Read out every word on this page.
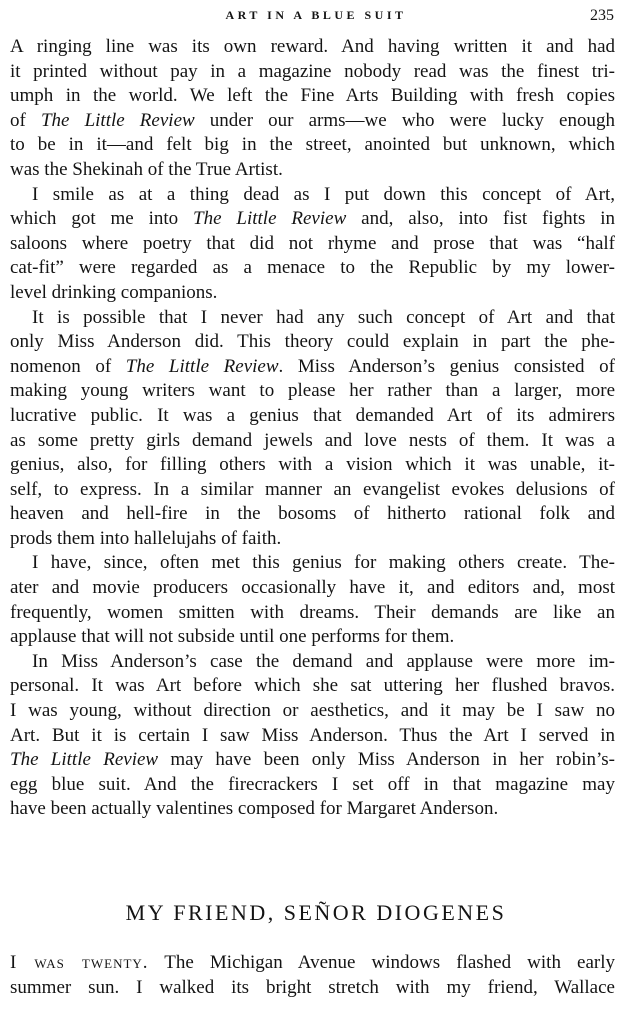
ART IN A BLUE SUIT	235
A ringing line was its own reward. And having written it and had
it printed without pay in a magazine nobody read was the finest tri-
umph in the world. We left the Fine Arts Building with fresh copies
of The Little Review under our arms—we who were lucky enough
to be in it—and felt big in the street, anointed but unknown, which
was the Shekinah of the True Artist.
I smile as at a thing dead as I put down this concept of Art,
which got me into The Little Review and, also, into fist fights in
saloons where poetry that did not rhyme and prose that was “half
cat-fit” were regarded as a menace to the Republic by my lower-
level drinking companions.
It is possible that I never had any such concept of Art and that
only Miss Anderson did. This theory could explain in part the phe-
nomenon of The Little Review. Miss Anderson’s genius consisted of
making young writers want to please her rather than a larger, more
lucrative public. It was a genius that demanded Art of its admirers
as some pretty girls demand jewels and love nests of them. It was a
genius, also, for filling others with a vision which it was unable, it-
self, to express. In a similar manner an evangelist evokes delusions of
heaven and hell-fire in the bosoms of hitherto rational folk and
prods them into hallelujahs of faith.
I have, since, often met this genius for making others create. The-
ater and movie producers occasionally have it, and editors and, most
frequently, women smitten with dreams. Their demands are like an
applause that will not subside until one performs for them.
In Miss Anderson’s case the demand and applause were more im-
personal. It was Art before which she sat uttering her flushed bravos.
I was young, without direction or aesthetics, and it may be I saw no
Art. But it is certain I saw Miss Anderson. Thus the Art I served in
The Little Review may have been only Miss Anderson in her robin’s-
egg blue suit. And the firecrackers I set off in that magazine may
have been actually valentines composed for Margaret Anderson.
MY FRIEND, SEÑOR DIOGENES
I was twenty. The Michigan Avenue windows flashed with early
summer sun. I walked its bright stretch with my friend, Wallace
